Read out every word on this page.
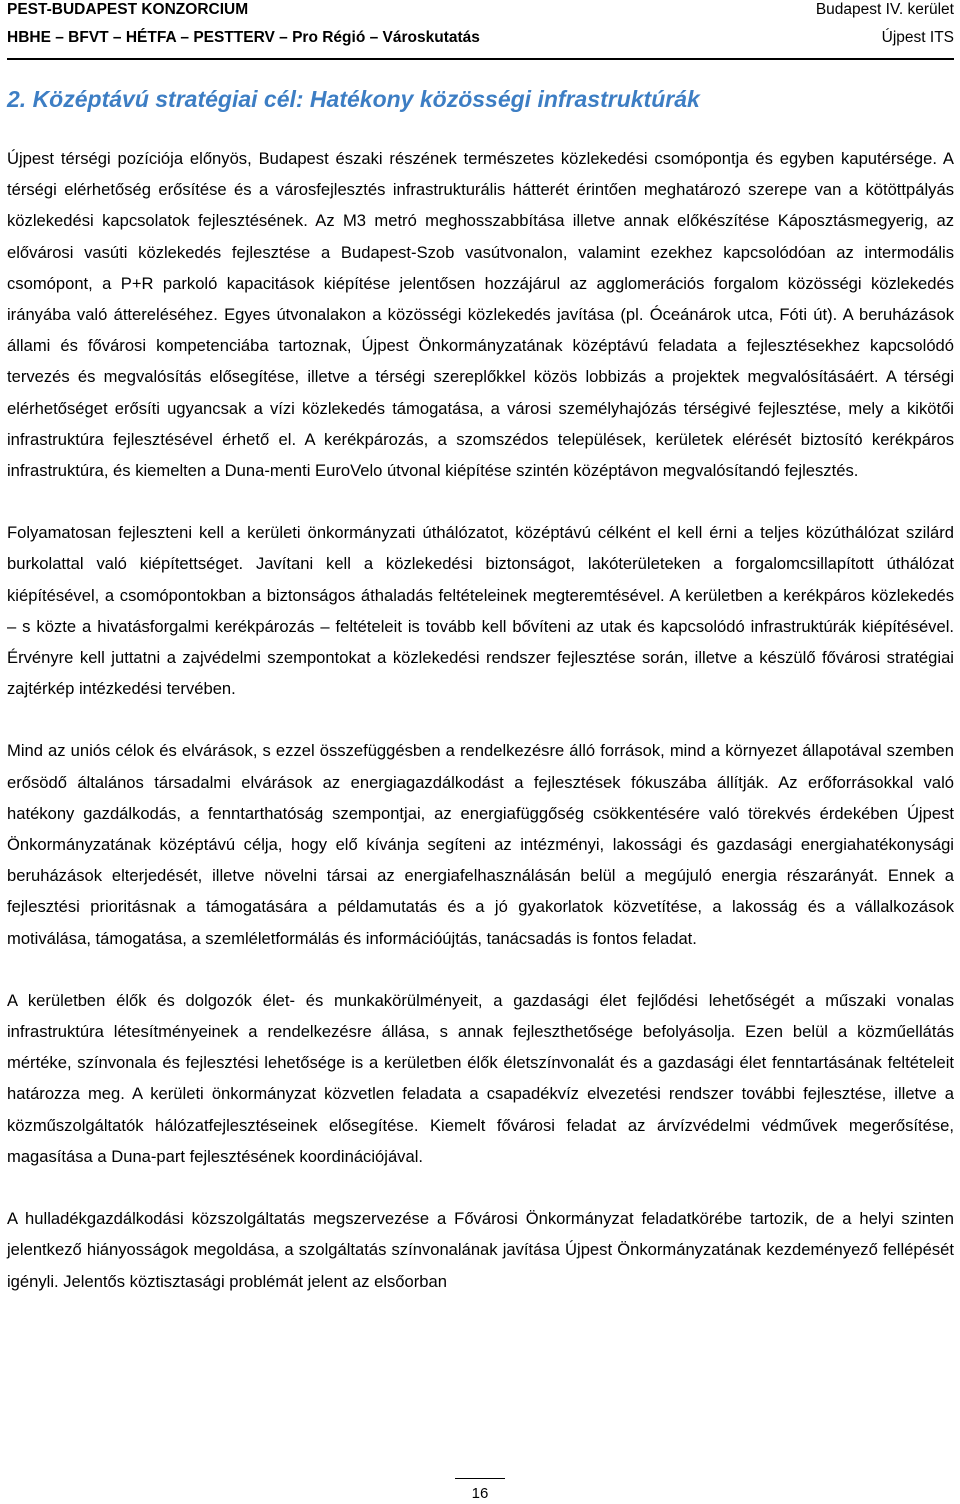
PEST-BUDAPEST KONZORCIUM	Budapest IV. kerület
HBHE – BFVT – HÉTFA – PESTTERV – Pro Régió – Városkutatás	Újpest ITS
2. Középtávú stratégiai cél: Hatékony közösségi infrastruktúrák

Újpest térségi pozíciója előnyös, Budapest északi részének természetes közlekedési csomópontja és egyben kaputérsége. A térségi elérhetőség erősítése és a városfejlesztés infrastrukturális hátterét érintően meghatározó szerepe van a kötöttpályás közlekedési kapcsolatok fejlesztésének. Az M3 metró meghosszabbítása illetve annak előkészítése Káposztásmegyerig, az elővárosi vasúti közlekedés fejlesztése a Budapest-Szob vasútvonalon, valamint ezekhez kapcsolódóan az intermodális csomópont, a P+R parkoló kapacitások kiépítése jelentősen hozzájárul az agglomerációs forgalom közösségi közlekedés irányába való áttereléséhez. Egyes útvonalakon a közösségi közlekedés javítása (pl. Óceánárok utca, Fóti út). A beruházások állami és fővárosi kompetenciába tartoznak, Újpest Önkormányzatának középtávú feladata a fejlesztésekhez kapcsolódó tervezés és megvalósítás elősegítése, illetve a térségi szereplőkkel közös lobbizás a projektek megvalósításáért. A térségi elérhetőséget erősíti ugyancsak a vízi közlekedés támogatása, a városi személyhajózás térségivé fejlesztése, mely a kikötői infrastruktúra fejlesztésével érhető el. A kerékpározás, a szomszédos települések, kerületek elérését biztosító kerékpáros infrastruktúra, és kiemelten a Duna-menti EuroVelo útvonal kiépítése szintén középtávon megvalósítandó fejlesztés.

Folyamatosan fejleszteni kell a kerületi önkormányzati úthálózatot, középtávú célként el kell érni a teljes közúthálózat szilárd burkolattal való kiépítettséget. Javítani kell a közlekedési biztonságot, lakóterületeken a forgalomcsillapított úthálózat kiépítésével, a csomópontokban a biztonságos áthaladás feltételeinek megteremtésével. A kerületben a kerékpáros közlekedés – s közte a hivatásforgalmi kerékpározás – feltételeit is tovább kell bővíteni az utak és kapcsolódó infrastruktúrák kiépítésével. Érvényre kell juttatni a zajvédelmi szempontokat a közlekedési rendszer fejlesztése során, illetve a készülő fővárosi stratégiai zajtérkép intézkedési tervében.

Mind az uniós célok és elvárások, s ezzel összefüggésben a rendelkezésre álló források, mind a környezet állapotával szemben erősödő általános társadalmi elvárások az energiagazdálkodást a fejlesztések fókuszába állítják. Az erőforrásokkal való hatékony gazdálkodás, a fenntarthatóság szempontjai, az energiafüggőség csökkentésére való törekvés érdekében Újpest Önkormányzatának középtávú célja, hogy elő kívánja segíteni az intézményi, lakossági és gazdasági energiahatékonysági beruházások elterjedését, illetve növelni társai az energiafelhasználásán belül a megújuló energia részarányát. Ennek a fejlesztési prioritásnak a támogatására a példamutatás és a jó gyakorlatok közvetítése, a lakosság és a vállalkozások motiválása, támogatása, a szemléletformálás és információújtás, tanácsadás is fontos feladat.

A kerületben élők és dolgozók élet- és munkakörülményeit, a gazdasági élet fejlődési lehetőségét a műszaki vonalas infrastruktúra létesítményeinek a rendelkezésre állása, s annak fejleszthetősége befolyásolja. Ezen belül a közműellátás mértéke, színvonala és fejlesztési lehetősége is a kerületben élők életszínvonalát és a gazdasági élet fenntartásának feltételeit határozza meg. A kerületi önkormányzat közvetlen feladata a csapadékvíz elvezetési rendszer további fejlesztése, illetve a közműszolgáltatók hálózatfejlesztéseinek elősegítése. Kiemelt fővárosi feladat az árvízvédelmi védművek megerősítése, magasítása a Duna-part fejlesztésének koordinációjával.

A hulladékgazdálkodási közszolgáltatás megszervezése a Fővárosi Önkormányzat feladatkörébe tartozik, de a helyi szinten jelentkező hiányosságok megoldása, a szolgáltatás színvonalának javítása Újpest Önkormányzatának kezdeményező fellépését igényli. Jelentős köztisztasági problémát jelent az elsőorban

16
